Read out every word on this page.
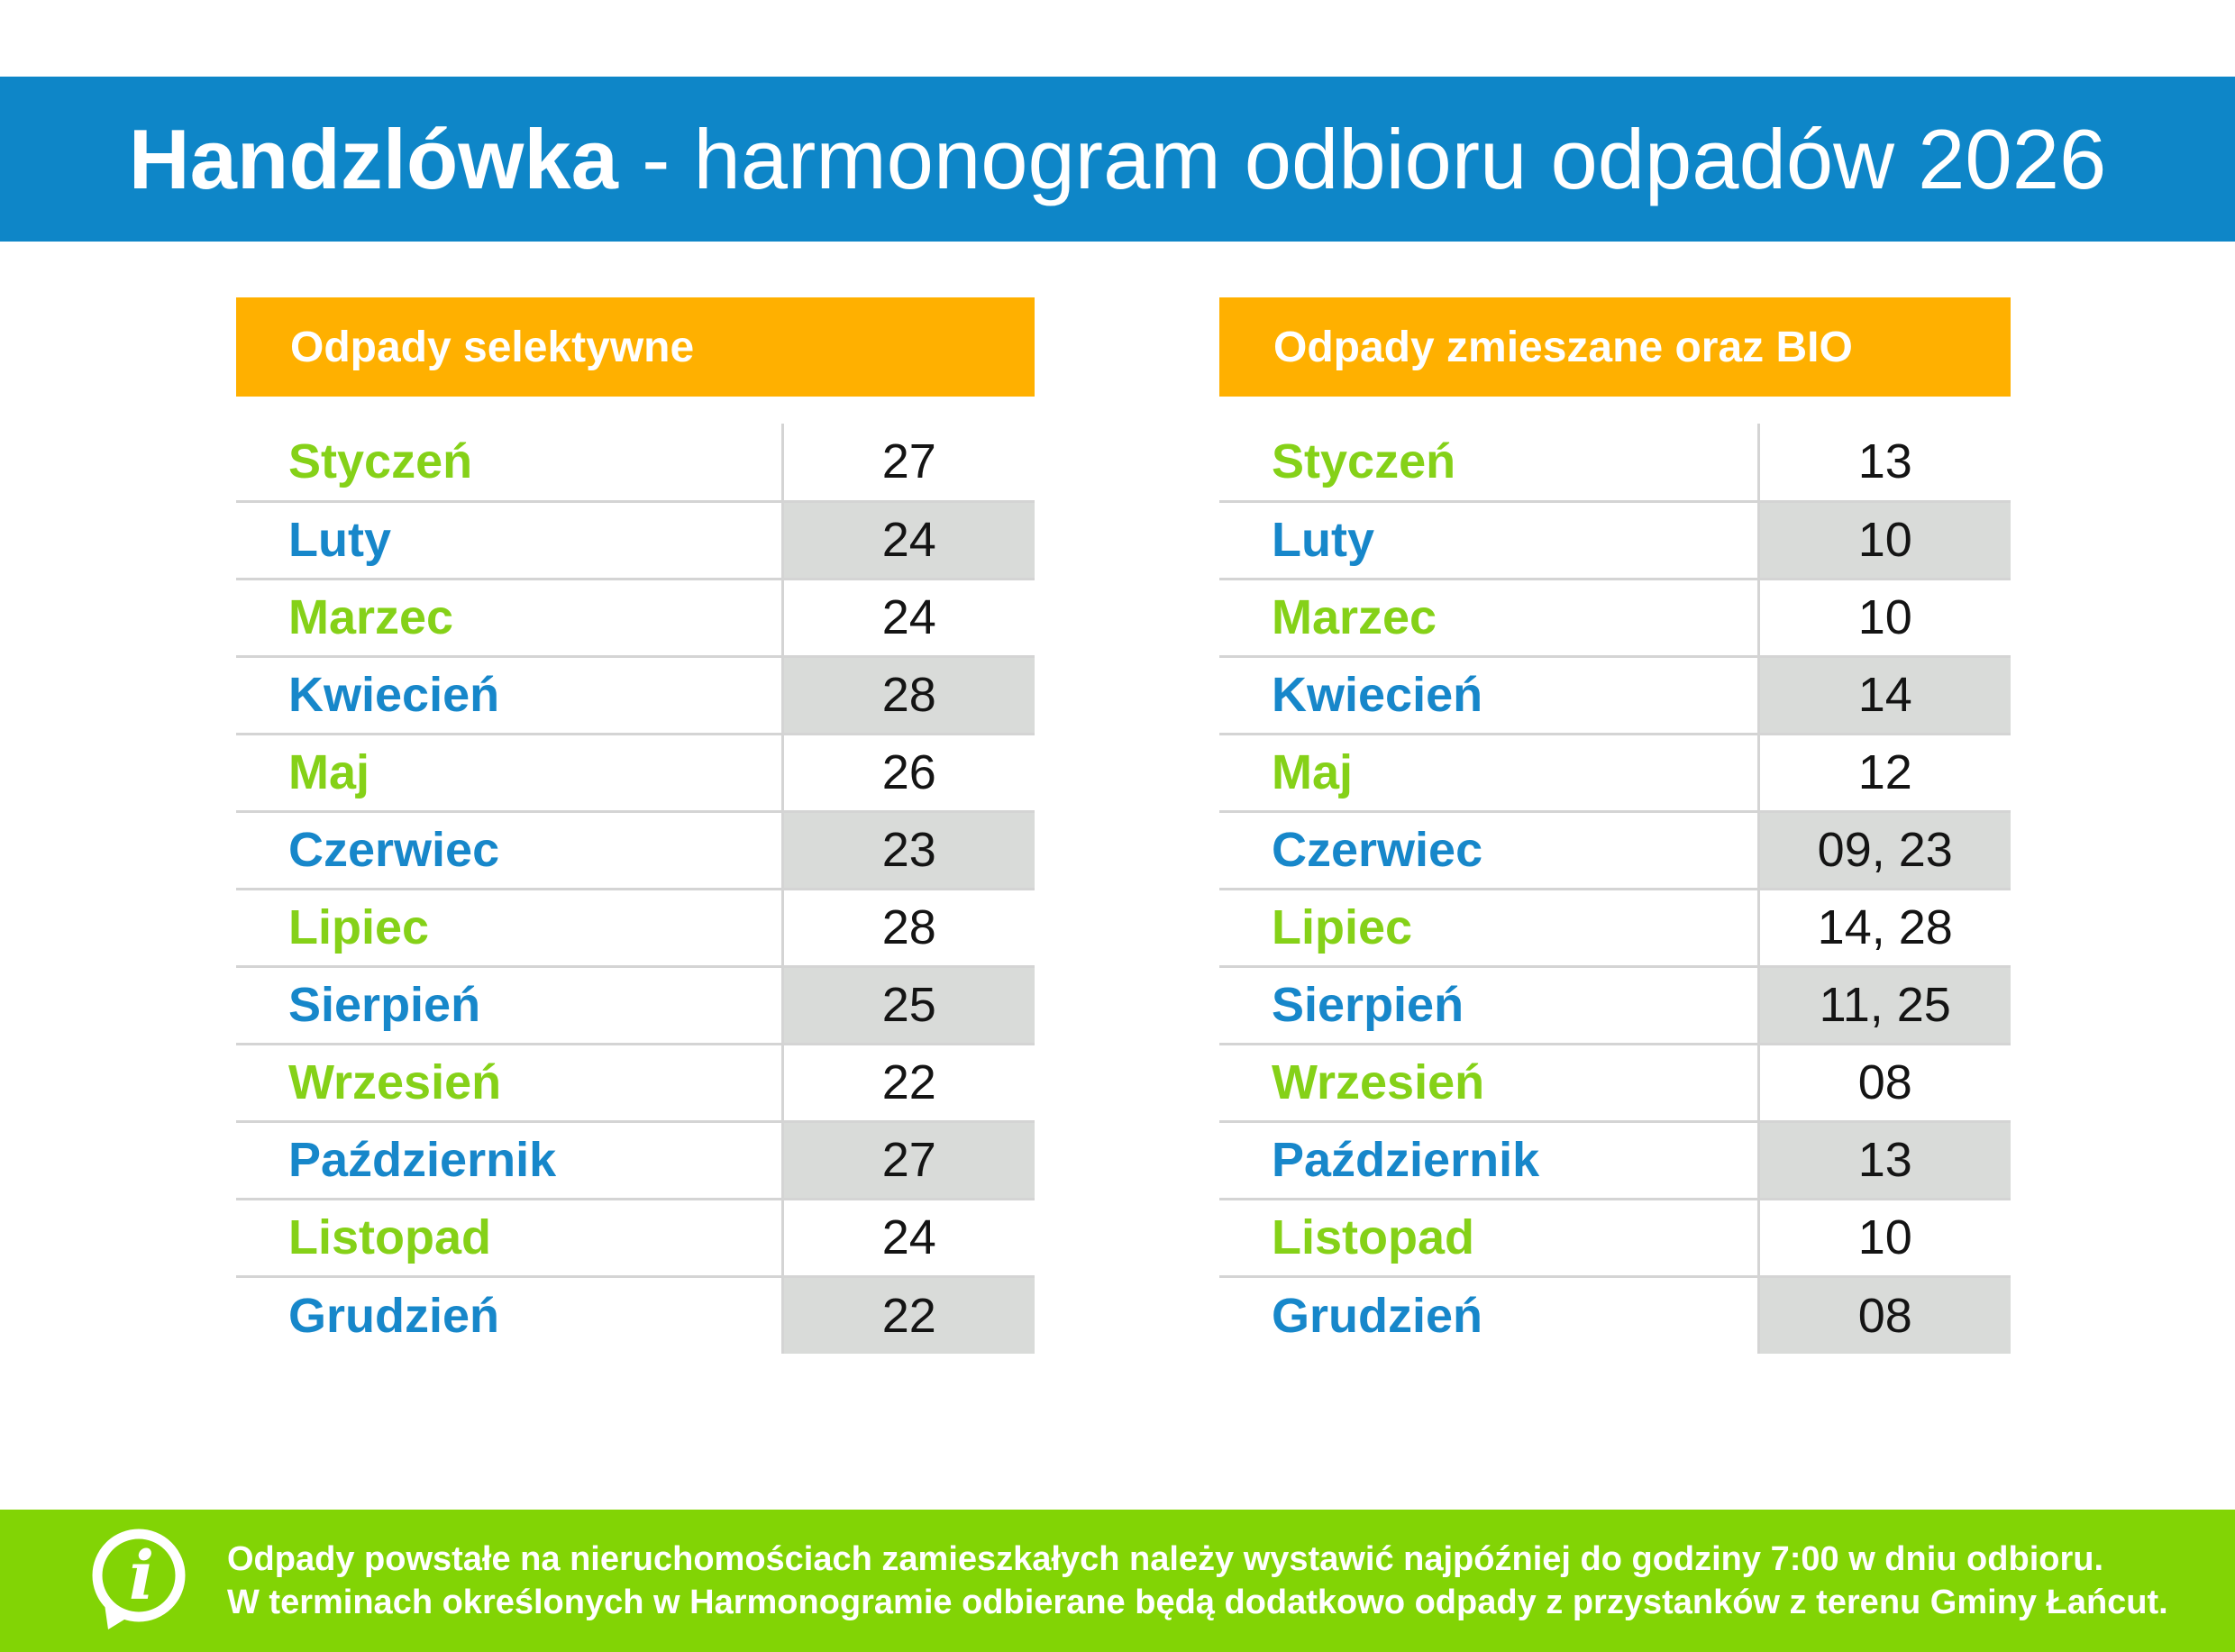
Handzlówka - harmonogram odbioru odpadów 2026
Odpady selektywne
Styczeń	27
Luty	24
Marzec	24
Kwiecień	28
Maj	26
Czerwiec	23
Lipiec	28
Sierpień	25
Wrzesień	22
Październik	27
Listopad	24
Grudzień	22
Odpady zmieszane oraz BIO
Styczeń	13
Luty	10
Marzec	10
Kwiecień	14
Maj	12
Czerwiec	09, 23
Lipiec	14, 28
Sierpień	11, 25
Wrzesień	08
Październik	13
Listopad	10
Grudzień	08
i Odpady powstałe na nieruchomościach zamieszkałych należy wystawić najpóźniej do godziny 7:00 w dniu odbioru.
W terminach określonych w Harmonogramie odbierane będą dodatkowo odpady z przystanków z terenu Gminy Łańcut.
